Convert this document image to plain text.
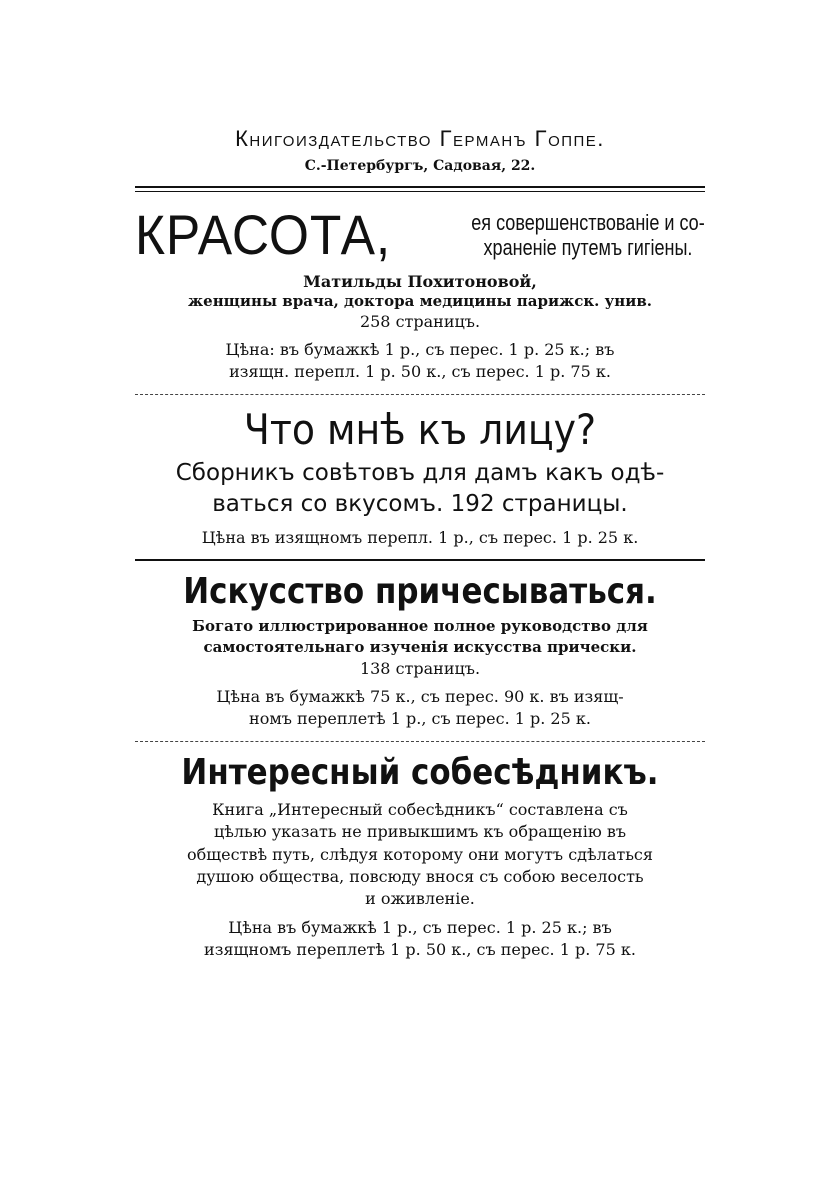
Книгоиздательство Германъ Гоппе.
С.-Петербургъ, Садовая, 22.
КРАСОТА,	ея совершенствованіе и со-
храненіе путемъ гигіены.
Матильды Похитоновой,
женщины врача, доктора медицины парижск. унив.
258 страницъ.
Цѣна: въ бумажкѣ 1 р., съ перес. 1 р. 25 к.; въ
изящн. перепл. 1 р. 50 к., съ перес. 1 р. 75 к.
Что мнѣ къ лицу?
Сборникъ совѣтовъ для дамъ какъ одѣ-
ваться со вкусомъ. 192 страницы.
Цѣна въ изящномъ перепл. 1 р., съ перес. 1 р. 25 к.
Искусство причесываться.
Богато иллюстрированное полное руководство для
самостоятельнаго изученія искусства прически.
138 страницъ.
Цѣна въ бумажкѣ 75 к., съ перес. 90 к. въ изящ-
номъ переплетѣ 1 р., съ перес. 1 р. 25 к.
Интересный собесѣдникъ.
Книга „Интересный собесѣдникъ“ составлена съ
цѣлью указать не привыкшимъ къ обращенію въ
обществѣ путь, слѣдуя которому они могутъ сдѣлаться
душою общества, повсюду внося съ собою веселость
и оживленіе.
Цѣна въ бумажкѣ 1 р., съ перес. 1 р. 25 к.; въ
изящномъ переплетѣ 1 р. 50 к., съ перес. 1 р. 75 к.
